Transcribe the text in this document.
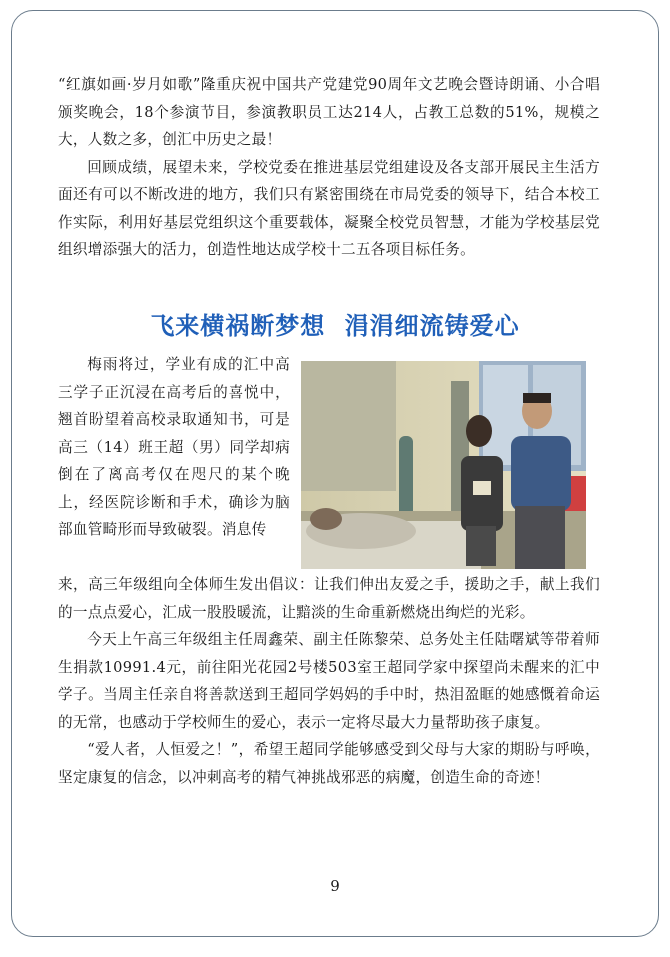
“红旗如画·岁月如歌”隆重庆祝中国共产党建党90周年文艺晚会暨诗朗诵、小合唱颁奖晚会，18个参演节目，参演教职员工达214人，占教工总数的51%，规模之大，人数之多，创汇中历史之最！

回顾成绩，展望未来，学校党委在推进基层党组建设及各支部开展民主生活方面还有可以不断改进的地方，我们只有紧密围绕在市局党委的领导下，结合本校工作实际，利用好基层党组织这个重要载体，凝聚全校党员智慧，才能为学校基层党组织增添强大的活力，创造性地达成学校十二五各项目标任务。

飞来横祸断梦想 涓涓细流铸爱心

梅雨将过，学业有成的汇中高三学子正沉浸在高考后的喜悦中，翘首盼望着高校录取通知书，可是高三（14）班王超（男）同学却病倒在了离高考仅在咫尺的某个晚上，经医院诊断和手术，确诊为脑部血管畸形而导致破裂。消息传

来，高三年级组向全体师生发出倡议：让我们伸出友爱之手，援助之手，献上我们的一点点爱心，汇成一股股暖流，让黯淡的生命重新燃烧出绚烂的光彩。

今天上午高三年级组主任周鑫荣、副主任陈黎荣、总务处主任陆曙斌等带着师生捐款10991.4元，前往阳光花园2号楼503室王超同学家中探望尚未醒来的汇中学子。当周主任亲自将善款送到王超同学妈妈的手中时，热泪盈眶的她感慨着命运的无常，也感动于学校师生的爱心，表示一定将尽最大力量帮助孩子康复。

“爱人者，人恒爱之！”，希望王超同学能够感受到父母与大家的期盼与呼唤，坚定康复的信念，以冲刺高考的精气神挑战邪恶的病魔，创造生命的奇迹！

9
